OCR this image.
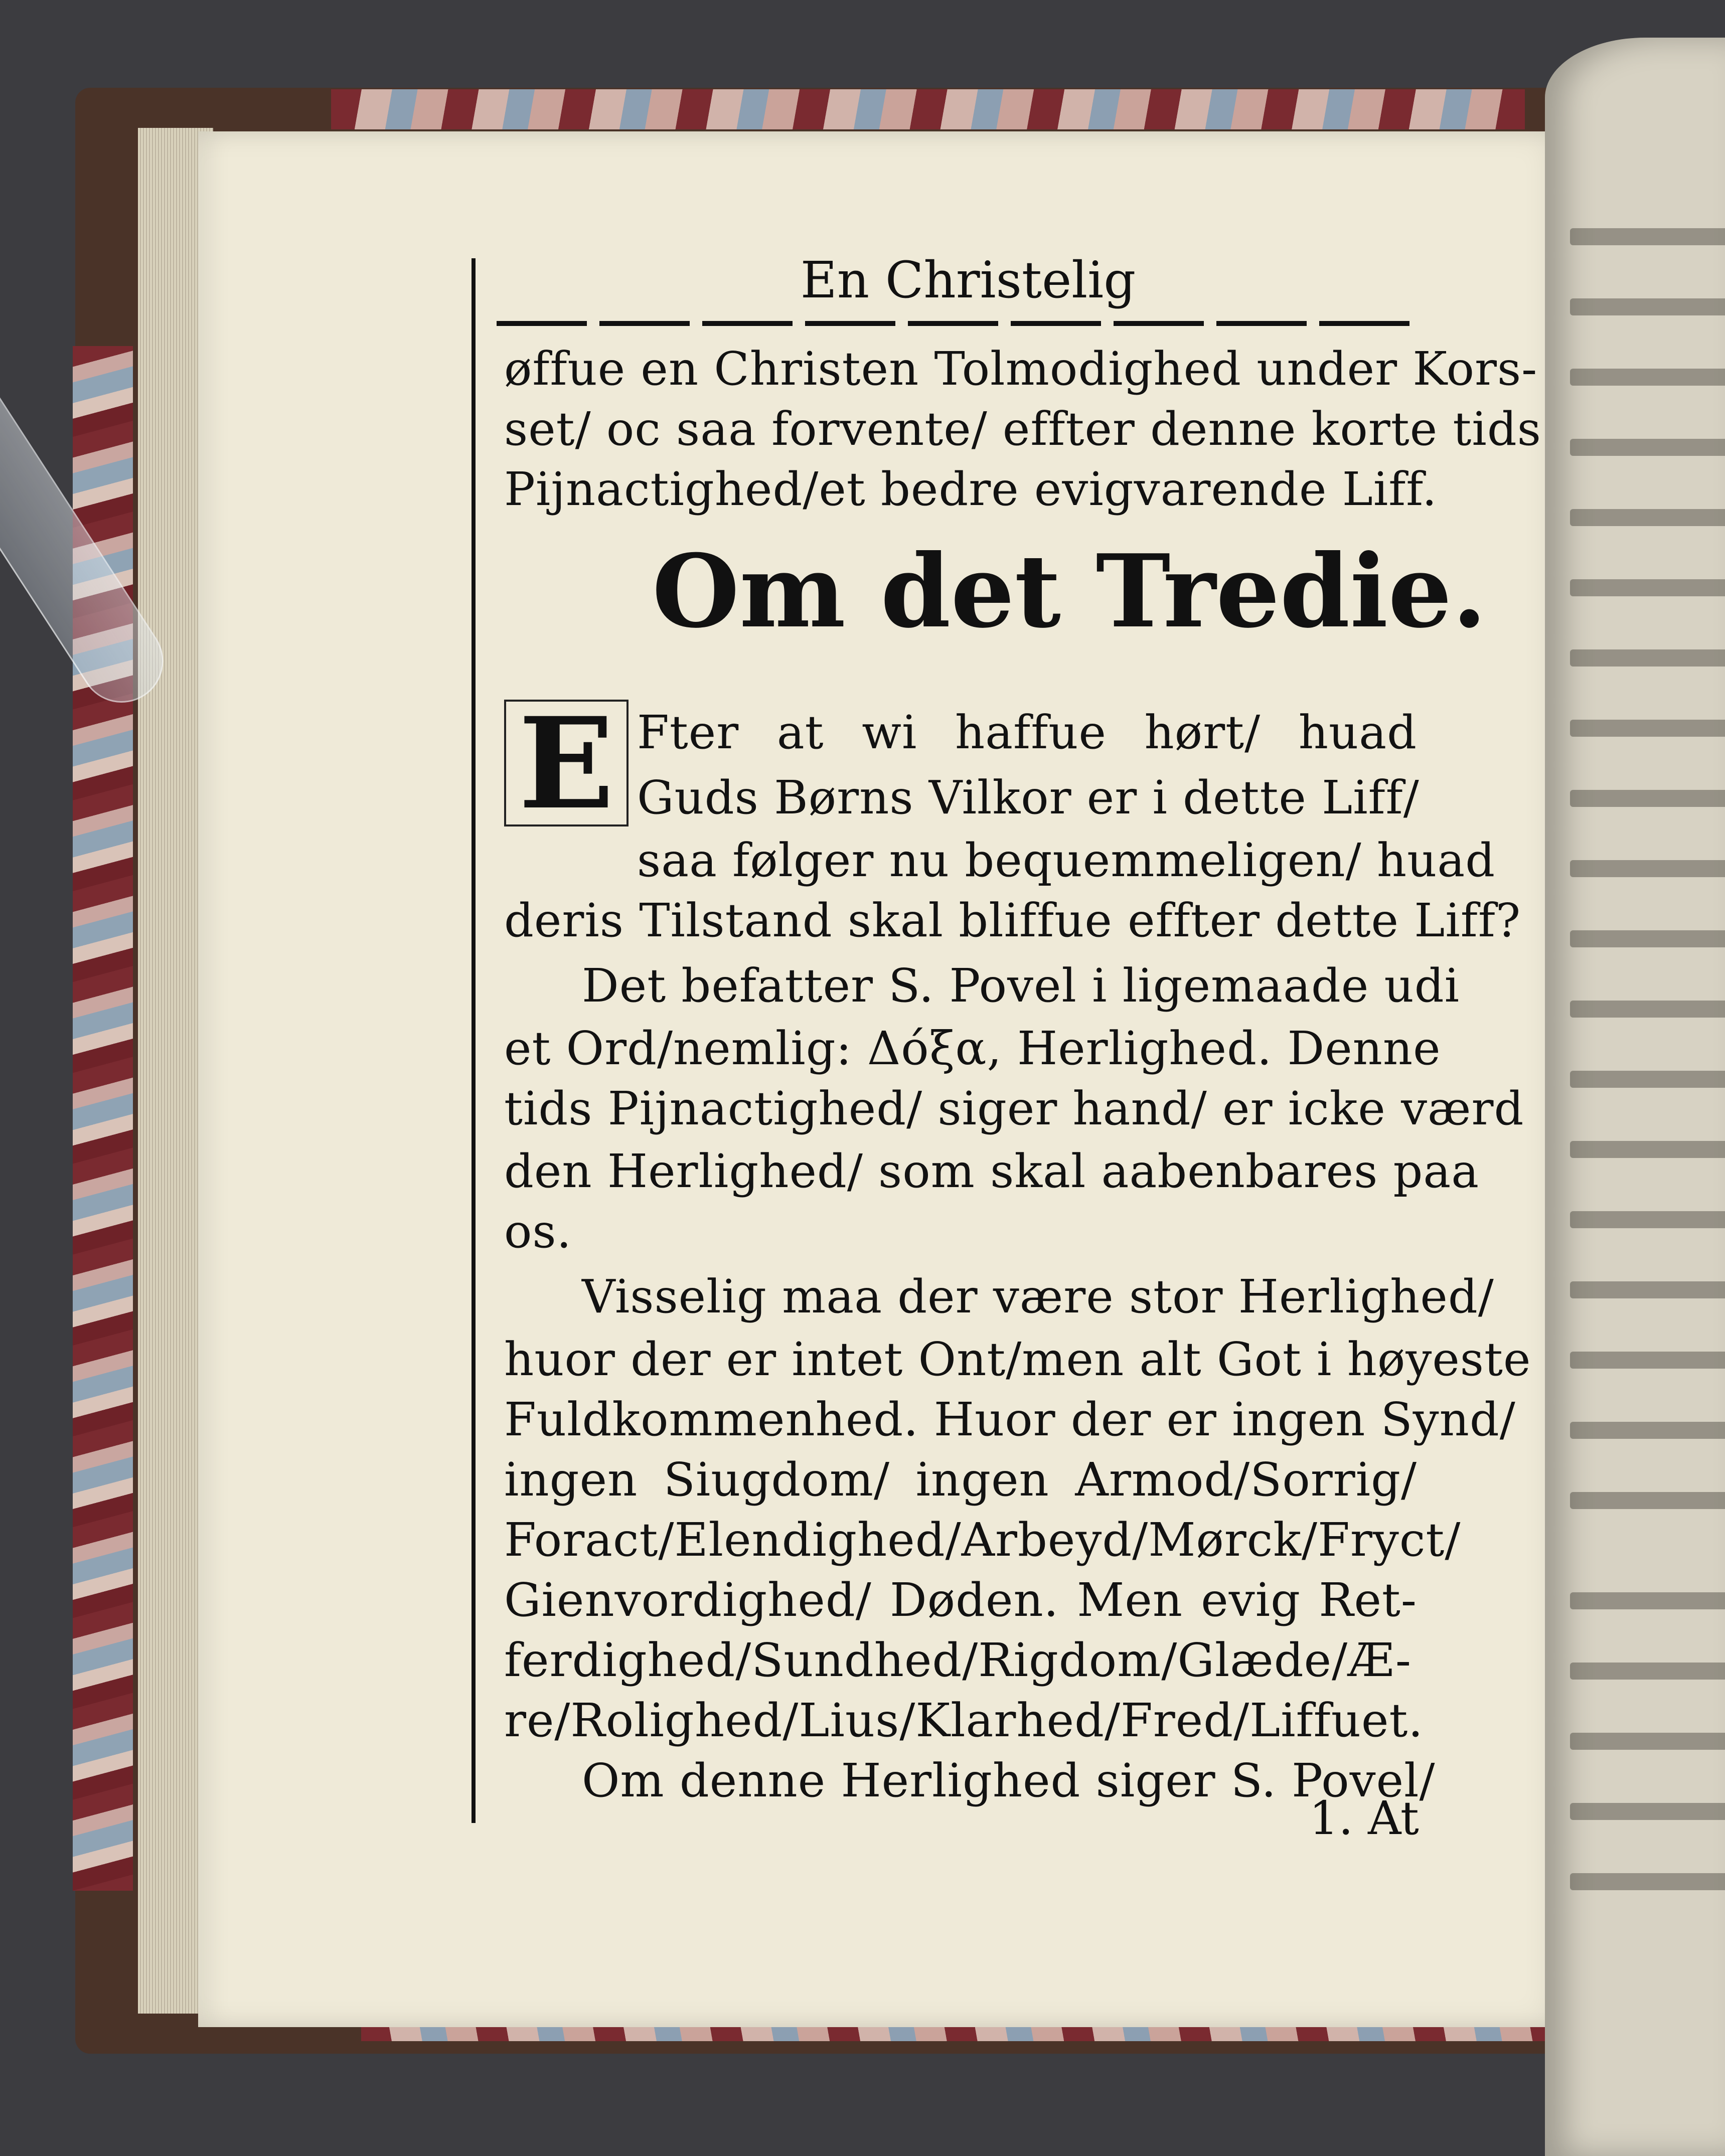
En Christelig
øffue en Christen Tolmodighed under Kors-
set/ oc saa forvente/ effter denne korte tids
Pijnactighed/et bedre evigvarende Liff.
Om det Tredie.
E Fter at wi haffue hørt/ huad
Guds Børns Vilkor er i dette Liff/
saa følger nu bequemmeligen/ huad
deris Tilstand skal bliffue effter dette Liff?
Det befatter S. Povel i ligemaade udi
et Ord/nemlig: Δόξα, Herlighed. Denne
tids Pijnactighed/ siger hand/ er icke værd
den Herlighed/ som skal aabenbares paa
os.
Visselig maa der være stor Herlighed/
huor der er intet Ont/men alt Got i høyeste
Fuldkommenhed. Huor der er ingen Synd/
ingen Siugdom/ ingen Armod/Sorrig/
Foract/Elendighed/Arbeyd/Mørck/Fryct/
Gienvordighed/ Døden. Men evig Ret-
ferdighed/Sundhed/Rigdom/Glæde/Æ-
re/Rolighed/Lius/Klarhed/Fred/Liffuet.
Om denne Herlighed siger S. Povel/
1. At
